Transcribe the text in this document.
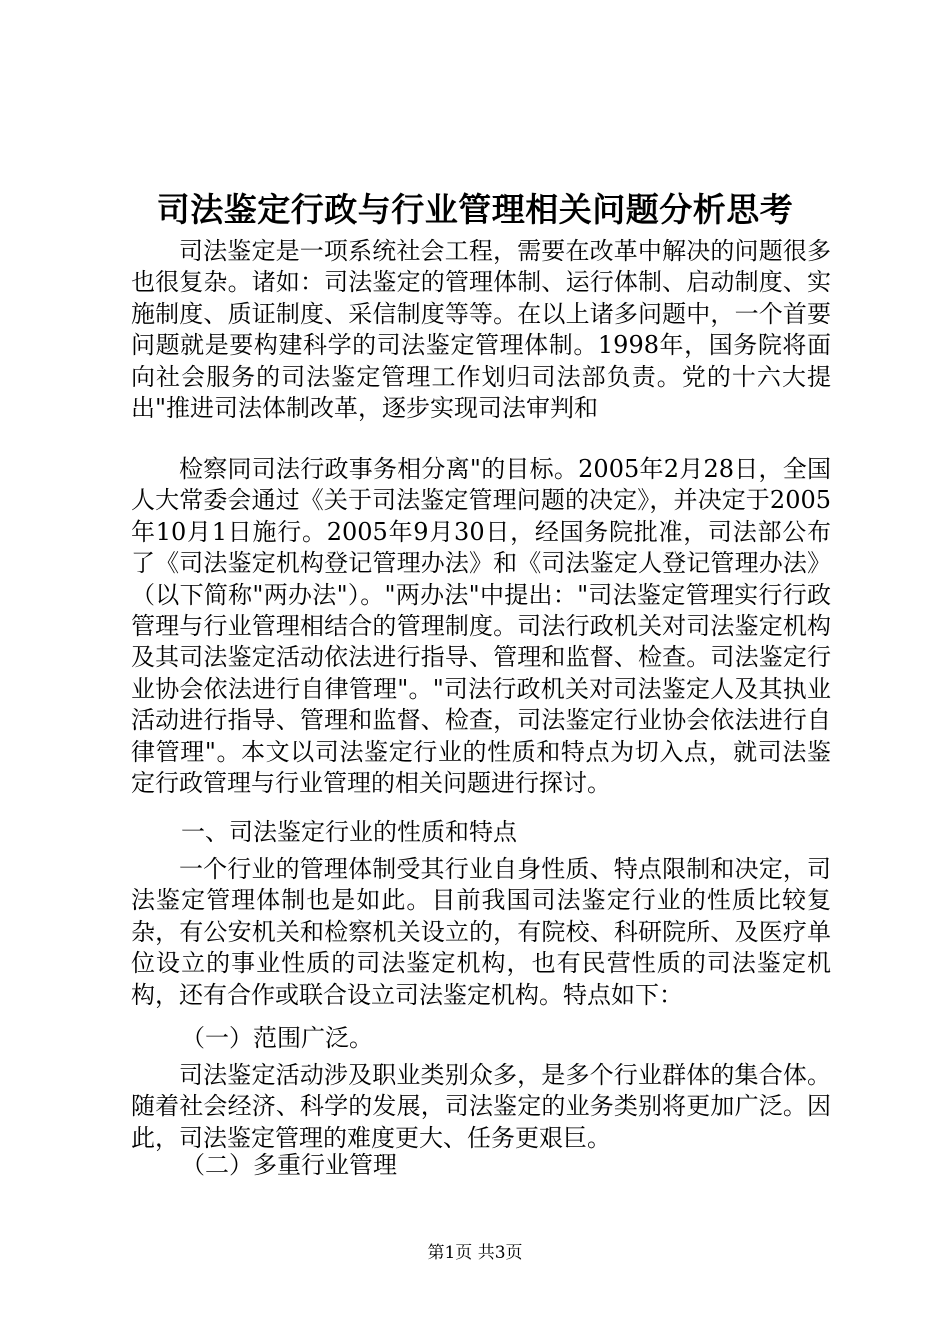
司法鉴定行政与行业管理相关问题分析思考

司法鉴定是一项系统社会工程，需要在改革中解决的问题很多也很复杂。诸如：司法鉴定的管理体制、运行体制、启动制度、实施制度、质证制度、采信制度等等。在以上诸多问题中，一个首要问题就是要构建科学的司法鉴定管理体制。1998年，国务院将面向社会服务的司法鉴定管理工作划归司法部负责。党的十六大提出"推进司法体制改革，逐步实现司法审判和

检察同司法行政事务相分离"的目标。2005年2月28日，全国人大常委会通过《关于司法鉴定管理问题的决定》，并决定于2005年10月1日施行。2005年9月30日，经国务院批准，司法部公布了《司法鉴定机构登记管理办法》和《司法鉴定人登记管理办法》（以下简称"两办法"）。"两办法"中提出："司法鉴定管理实行行政管理与行业管理相结合的管理制度。司法行政机关对司法鉴定机构及其司法鉴定活动依法进行指导、管理和监督、检查。司法鉴定行业协会依法进行自律管理"。"司法行政机关对司法鉴定人及其执业活动进行指导、管理和监督、检查，司法鉴定行业协会依法进行自律管理"。本文以司法鉴定行业的性质和特点为切入点，就司法鉴定行政管理与行业管理的相关问题进行探讨。

一、司法鉴定行业的性质和特点

一个行业的管理体制受其行业自身性质、特点限制和决定，司法鉴定管理体制也是如此。目前我国司法鉴定行业的性质比较复杂，有公安机关和检察机关设立的，有院校、科研院所、及医疗单位设立的事业性质的司法鉴定机构，也有民营性质的司法鉴定机构，还有合作或联合设立司法鉴定机构。特点如下：

（一）范围广泛。

司法鉴定活动涉及职业类别众多，是多个行业群体的集合体。随着社会经济、科学的发展，司法鉴定的业务类别将更加广泛。因此，司法鉴定管理的难度更大、任务更艰巨。

（二）多重行业管理
第1页 共3页
